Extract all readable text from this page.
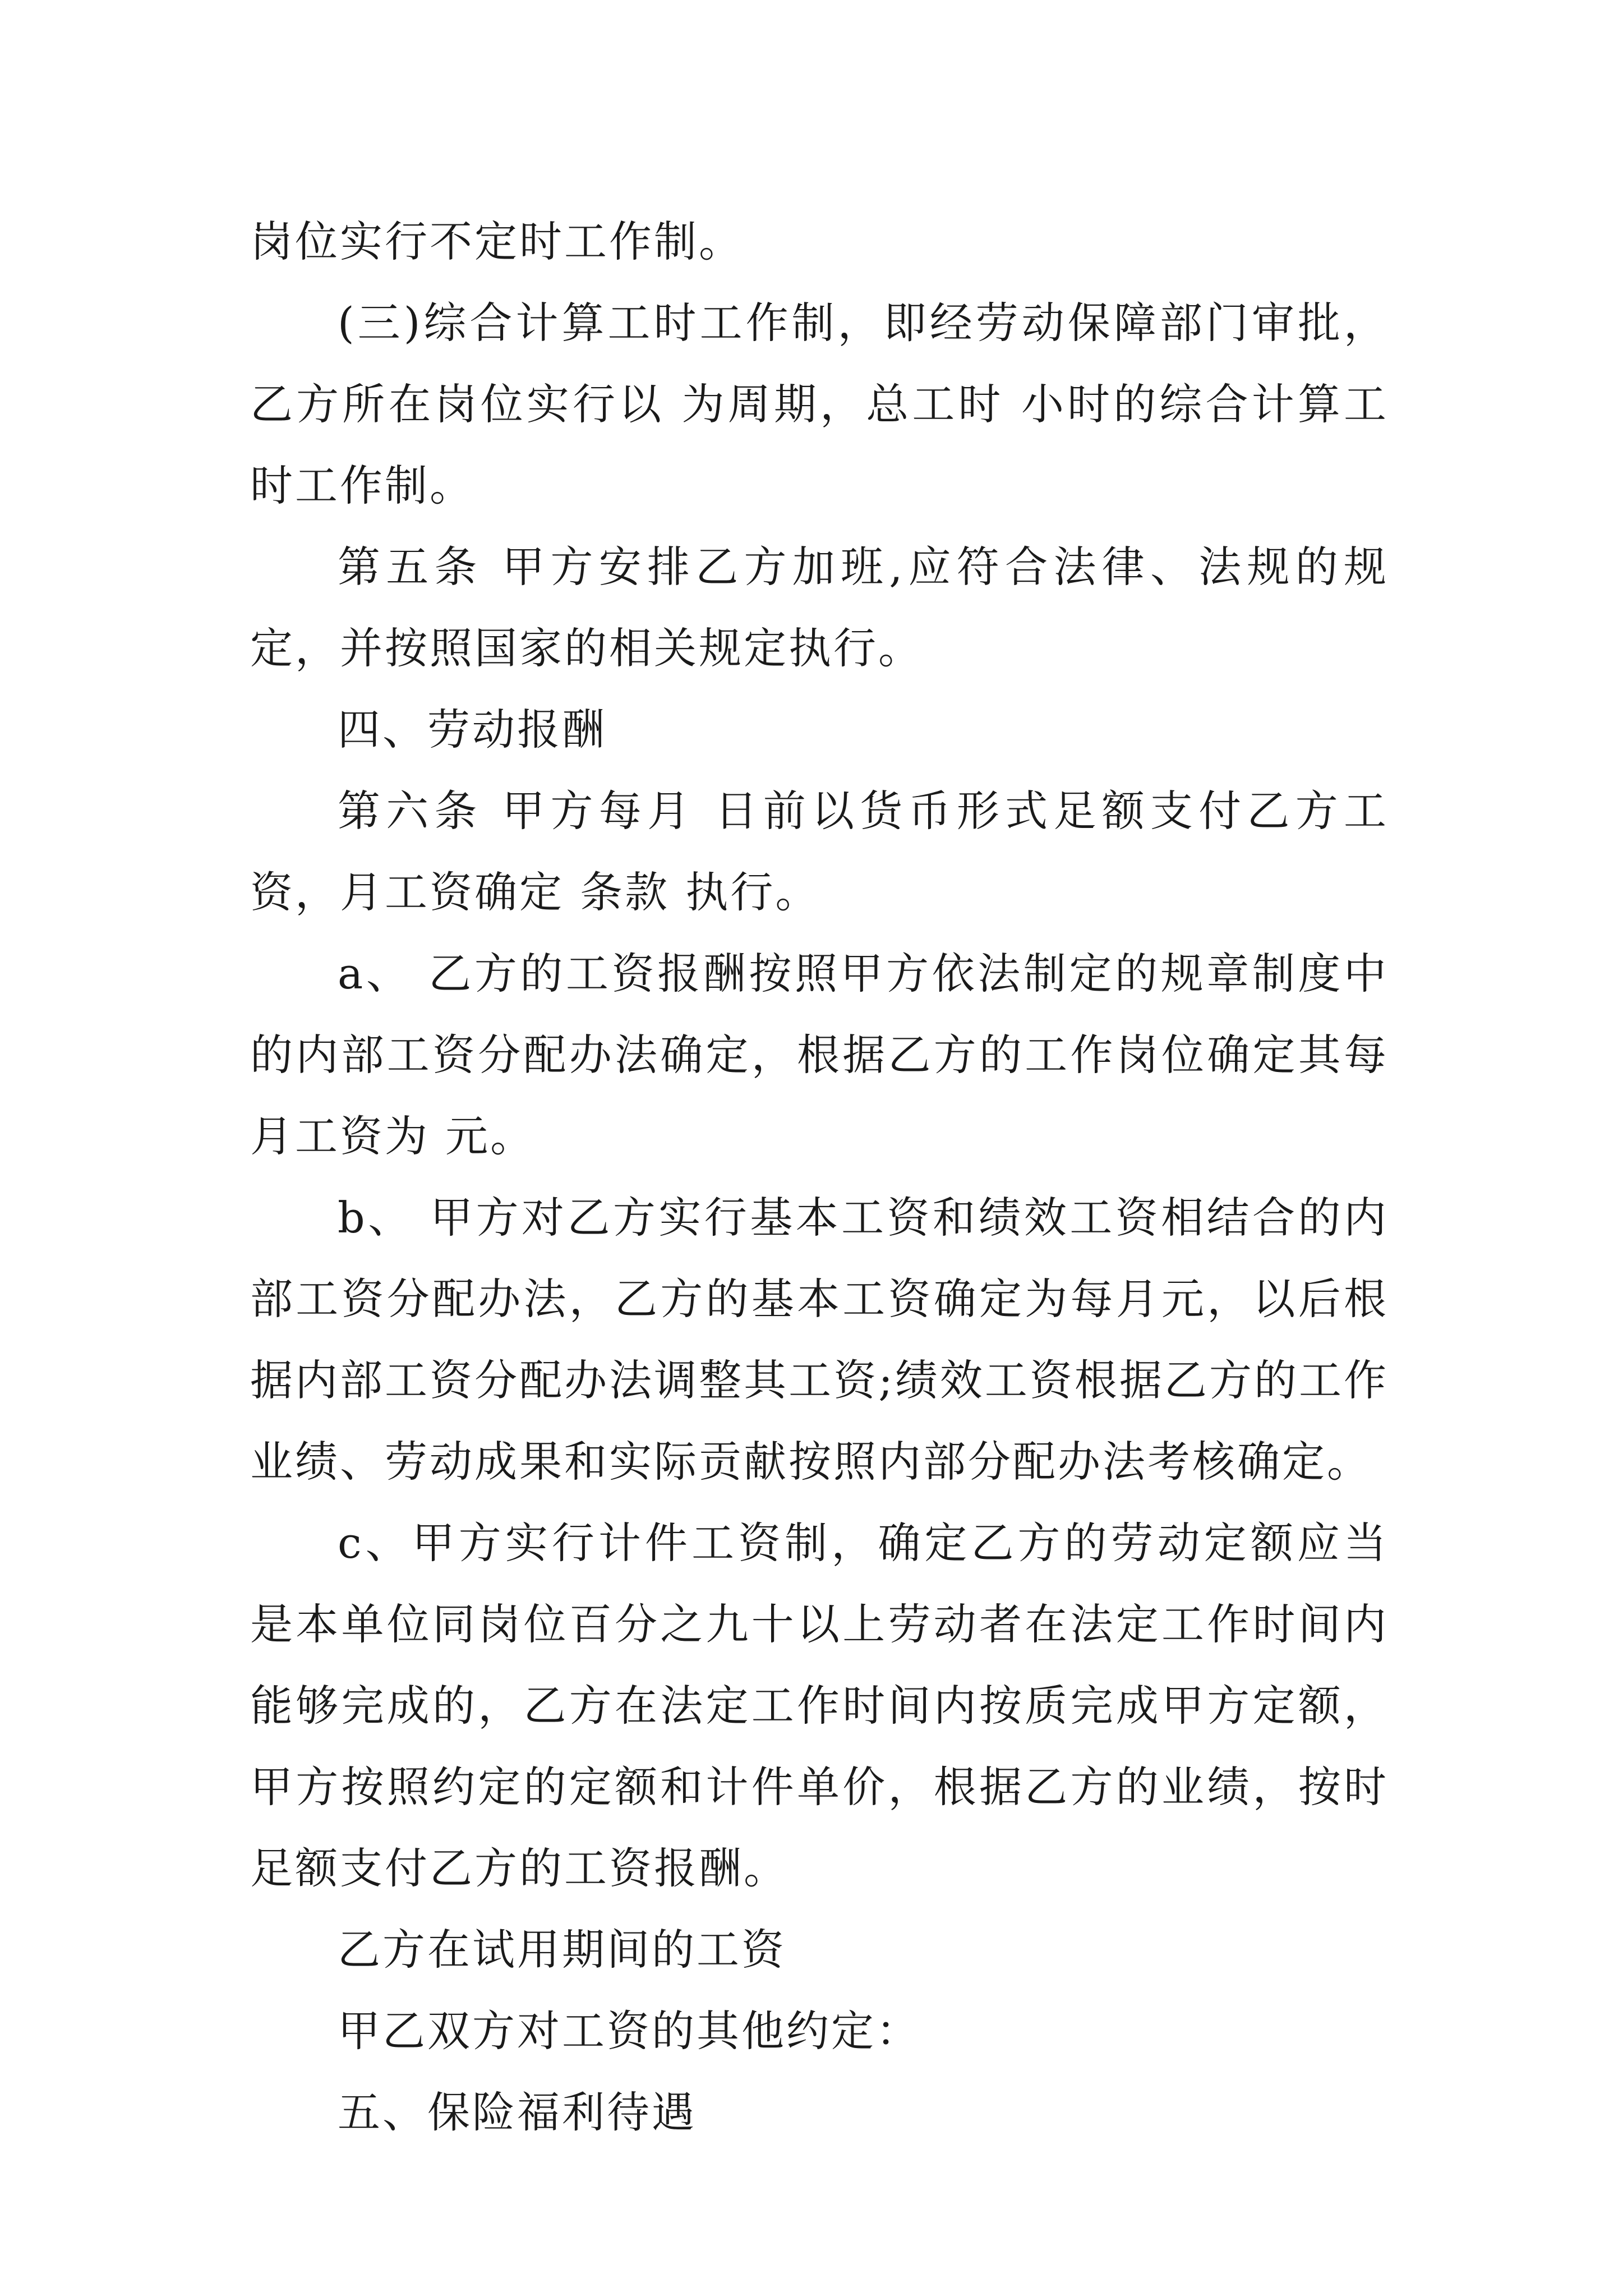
岗位实行不定时工作制。

(三)综合计算工时工作制，即经劳动保障部门审批，乙方所在岗位实行以 为周期，总工时 小时的综合计算工时工作制。

第五条 甲方安排乙方加班,应符合法律、法规的规定，并按照国家的相关规定执行。

四、劳动报酬

第六条 甲方每月 日前以货币形式足额支付乙方工资，月工资确定 条款 执行。

a、 乙方的工资报酬按照甲方依法制定的规章制度中的内部工资分配办法确定，根据乙方的工作岗位确定其每月工资为 元。

b、 甲方对乙方实行基本工资和绩效工资相结合的内部工资分配办法，乙方的基本工资确定为每月元，以后根据内部工资分配办法调整其工资;绩效工资根据乙方的工作业绩、劳动成果和实际贡献按照内部分配办法考核确定。

c、甲方实行计件工资制，确定乙方的劳动定额应当是本单位同岗位百分之九十以上劳动者在法定工作时间内能够完成的，乙方在法定工作时间内按质完成甲方定额，甲方按照约定的定额和计件单价，根据乙方的业绩，按时足额支付乙方的工资报酬。

乙方在试用期间的工资

甲乙双方对工资的其他约定：

五、保险福利待遇
